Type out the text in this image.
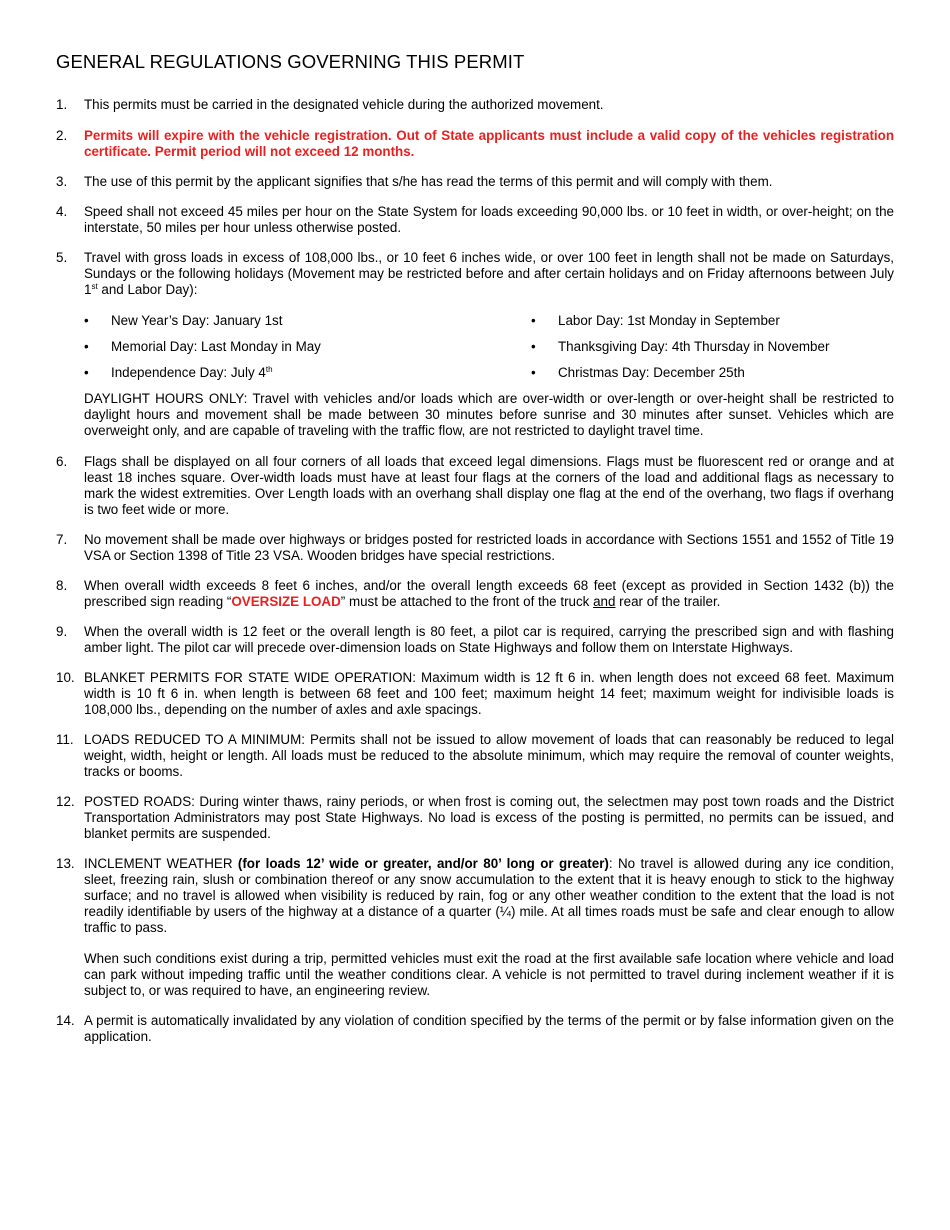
GENERAL REGULATIONS GOVERNING THIS PERMIT
1.	This permits must be carried in the designated vehicle during the authorized movement.
2.	Permits will expire with the vehicle registration. Out of State applicants must include a valid copy of the vehicles registration certificate. Permit period will not exceed 12 months.
3.	The use of this permit by the applicant signifies that s/he has read the terms of this permit and will comply with them.
4.	Speed shall not exceed 45 miles per hour on the State System for loads exceeding 90,000 lbs. or 10 feet in width, or over-height; on the interstate, 50 miles per hour unless otherwise posted.
5.	Travel with gross loads in excess of 108,000 lbs., or 10 feet 6 inches wide, or over 100 feet in length shall not be made on Saturdays, Sundays or the following holidays (Movement may be restricted before and after certain holidays and on Friday afternoons between July 1st and Labor Day):
• New Year’s Day: January 1st
• Memorial Day: Last Monday in May
• Independence Day: July 4th
• Labor Day: 1st Monday in September
• Thanksgiving Day: 4th Thursday in November
• Christmas Day: December 25th
DAYLIGHT HOURS ONLY: Travel with vehicles and/or loads which are over-width or over-length or over-height shall be restricted to daylight hours and movement shall be made between 30 minutes before sunrise and 30 minutes after sunset. Vehicles which are overweight only, and are capable of traveling with the traffic flow, are not restricted to daylight travel time.
6.	Flags shall be displayed on all four corners of all loads that exceed legal dimensions. Flags must be fluorescent red or orange and at least 18 inches square. Over-width loads must have at least four flags at the corners of the load and additional flags as necessary to mark the widest extremities. Over Length loads with an overhang shall display one flag at the end of the overhang, two flags if overhang is two feet wide or more.
7.	No movement shall be made over highways or bridges posted for restricted loads in accordance with Sections 1551 and 1552 of Title 19 VSA or Section 1398 of Title 23 VSA. Wooden bridges have special restrictions.
8.	When overall width exceeds 8 feet 6 inches, and/or the overall length exceeds 68 feet (except as provided in Section 1432 (b)) the prescribed sign reading “OVERSIZE LOAD” must be attached to the front of the truck and rear of the trailer.
9.	When the overall width is 12 feet or the overall length is 80 feet, a pilot car is required, carrying the prescribed sign and with flashing amber light. The pilot car will precede over-dimension loads on State Highways and follow them on Interstate Highways.
10. BLANKET PERMITS FOR STATE WIDE OPERATION: Maximum width is 12 ft 6 in. when length does not exceed 68 feet. Maximum width is 10 ft 6 in. when length is between 68 feet and 100 feet; maximum height 14 feet; maximum weight for indivisible loads is 108,000 lbs., depending on the number of axles and axle spacings.
11. LOADS REDUCED TO A MINIMUM: Permits shall not be issued to allow movement of loads that can reasonably be reduced to legal weight, width, height or length. All loads must be reduced to the absolute minimum, which may require the removal of counter weights, tracks or booms.
12. POSTED ROADS: During winter thaws, rainy periods, or when frost is coming out, the selectmen may post town roads and the District Transportation Administrators may post State Highways. No load is excess of the posting is permitted, no permits can be issued, and blanket permits are suspended.
13. INCLEMENT WEATHER (for loads 12’ wide or greater, and/or 80’ long or greater): No travel is allowed during any ice condition, sleet, freezing rain, slush or combination thereof or any snow accumulation to the extent that it is heavy enough to stick to the highway surface; and no travel is allowed when visibility is reduced by rain, fog or any other weather condition to the extent that the load is not readily identifiable by users of the highway at a distance of a quarter (¼) mile. At all times roads must be safe and clear enough to allow traffic to pass.
When such conditions exist during a trip, permitted vehicles must exit the road at the first available safe location where vehicle and load can park without impeding traffic until the weather conditions clear. A vehicle is not permitted to travel during inclement weather if it is subject to, or was required to have, an engineering review.
14. A permit is automatically invalidated by any violation of condition specified by the terms of the permit or by false information given on the application.
